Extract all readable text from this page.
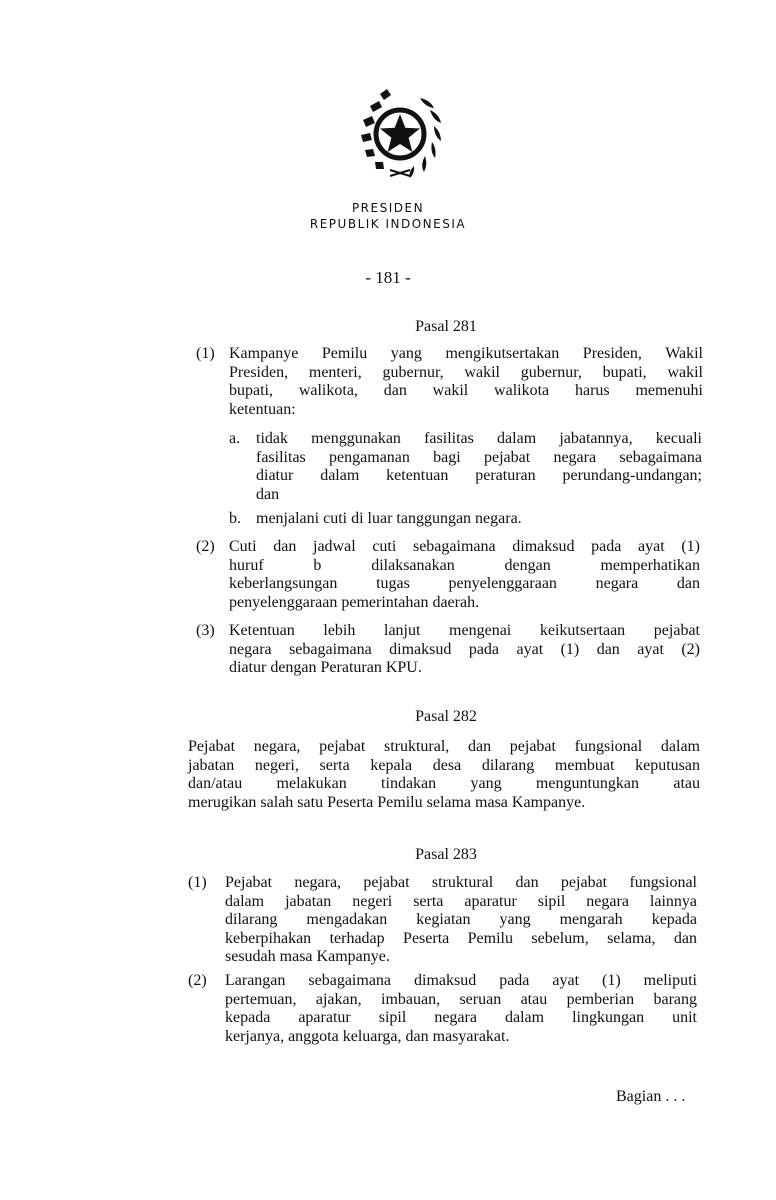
PRESIDEN
REPUBLIK INDONESIA
- 181 -
Pasal 281
(1) Kampanye Pemilu yang mengikutsertakan Presiden, Wakil
Presiden, menteri, gubernur, wakil gubernur, bupati, wakil
bupati, walikota, dan wakil walikota harus memenuhi
ketentuan:
a. tidak menggunakan fasilitas dalam jabatannya, kecuali
fasilitas pengamanan bagi pejabat negara sebagaimana
diatur dalam ketentuan peraturan perundang-undangan;
dan
b. menjalani cuti di luar tanggungan negara.
(2) Cuti dan jadwal cuti sebagaimana dimaksud pada ayat (1)
huruf b dilaksanakan dengan memperhatikan
keberlangsungan tugas penyelenggaraan negara dan
penyelenggaraan pemerintahan daerah.
(3) Ketentuan lebih lanjut mengenai keikutsertaan pejabat
negara sebagaimana dimaksud pada ayat (1) dan ayat (2)
diatur dengan Peraturan KPU.
Pasal 282
Pejabat negara, pejabat struktural, dan pejabat fungsional dalam
jabatan negeri, serta kepala desa dilarang membuat keputusan
dan/atau melakukan tindakan yang menguntungkan atau
merugikan salah satu Peserta Pemilu selama masa Kampanye.
Pasal 283
(1) Pejabat negara, pejabat struktural dan pejabat fungsional
dalam jabatan negeri serta aparatur sipil negara lainnya
dilarang mengadakan kegiatan yang mengarah kepada
keberpihakan terhadap Peserta Pemilu sebelum, selama, dan
sesudah masa Kampanye.
(2) Larangan sebagaimana dimaksud pada ayat (1) meliputi
pertemuan, ajakan, imbauan, seruan atau pemberian barang
kepada aparatur sipil negara dalam lingkungan unit
kerjanya, anggota keluarga, dan masyarakat.
Bagian . . .
